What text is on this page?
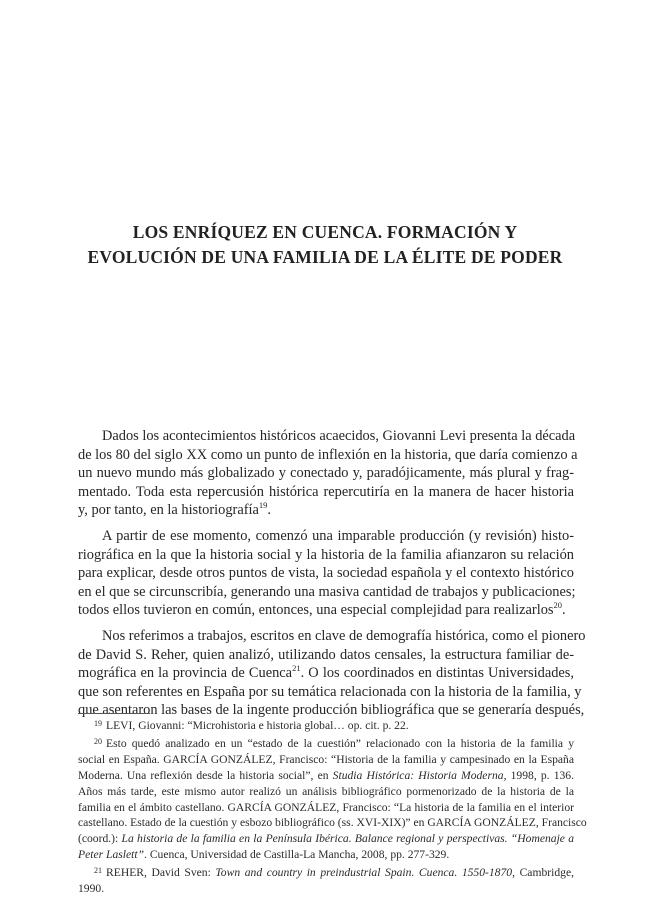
LOS ENRÍQUEZ EN CUENCA. FORMACIÓN Y
EVOLUCIÓN DE UNA FAMILIA DE LA ÉLITE DE PODER

Dados los acontecimientos históricos acaecidos, Giovanni Levi presenta la década
de los 80 del siglo XX como un punto de inflexión en la historia, que daría comienzo a
un nuevo mundo más globalizado y conectado y, paradójicamente, más plural y frag-
mentado. Toda esta repercusión histórica repercutiría en la manera de hacer historia
y, por tanto, en la historiografía$^{19}$.

A partir de ese momento, comenzó una imparable producción (y revisión) histo-
riográfica en la que la historia social y la historia de la familia afianzaron su relación
para explicar, desde otros puntos de vista, la sociedad española y el contexto histórico
en el que se circunscribía, generando una masiva cantidad de trabajos y publicaciones;
todos ellos tuvieron en común, entonces, una especial complejidad para realizarlos$^{20}$.

Nos referimos a trabajos, escritos en clave de demografía histórica, como el pionero
de David S. Reher, quien analizó, utilizando datos censales, la estructura familiar de-
mográfica en la provincia de Cuenca$^{21}$. O los coordinados en distintas Universidades,
que son referentes en España por su temática relacionada con la historia de la familia, y
que asentaron las bases de la ingente producción bibliográfica que se generaría después,

19 LEVI, Giovanni: “Microhistoria e historia global… op. cit. p. 22.

20 Esto quedó analizado en un “estado de la cuestión” relacionado con la historia de la familia y
social en España. GARCÍA GONZÁLEZ, Francisco: “Historia de la familia y campesinado en la España
Moderna. Una reflexión desde la historia social”, en Studia Histórica: Historia Moderna, 1998, p. 136.
Años más tarde, este mismo autor realizó un análisis bibliográfico pormenorizado de la historia de la
familia en el ámbito castellano. GARCÍA GONZÁLEZ, Francisco: “La historia de la familia en el interior
castellano. Estado de la cuestión y esbozo bibliográfico (ss. XVI-XIX)” en GARCÍA GONZÁLEZ, Francisco
(coord.): La historia de la familia en la Península Ibérica. Balance regional y perspectivas. “Homenaje a
Peter Laslett”. Cuenca, Universidad de Castilla-La Mancha, 2008, pp. 277-329.

21 REHER, David Sven: Town and country in preindustrial Spain. Cuenca. 1550-1870, Cambridge,
1990.
